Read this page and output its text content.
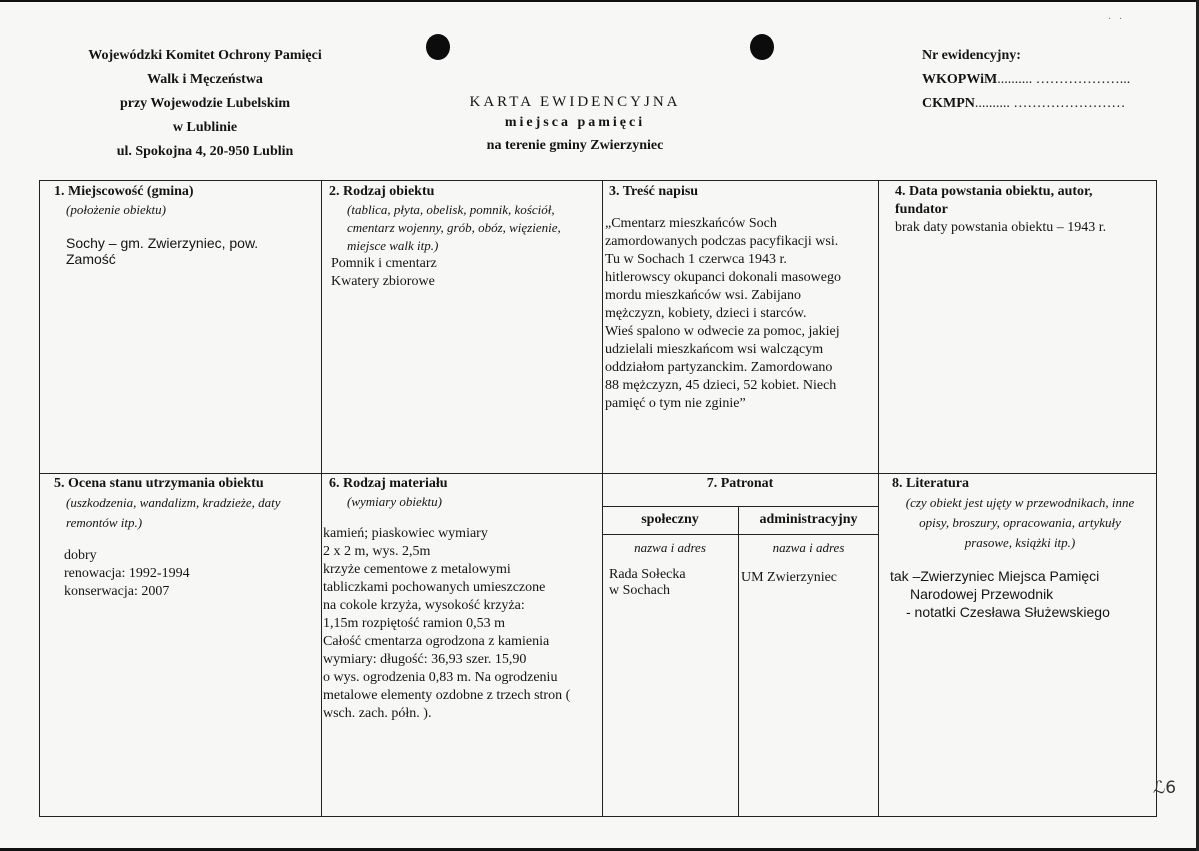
·   ·
Wojewódzki Komitet Ochrony Pamięci
Walk i Męczeństwa
przy Wojewodzie Lubelskim
w Lublinie
ul. Spokojna 4, 20-950 Lublin
KARTA EWIDENCYJNA
miejsca pamięci
na terenie gminy Zwierzyniec
Nr ewidencyjny:
WKOPWiM.......... ………………...
CKMPN.......... ……………………
1. Miejscowość (gmina)
(położenie obiektu)
Sochy – gm. Zwierzyniec, pow.
Zamość
2. Rodzaj obiektu
(tablica, płyta, obelisk, pomnik, kościół,
cmentarz wojenny, grób, obóz, więzienie,
miejsce walk itp.)
Pomnik i cmentarz
Kwatery zbiorowe
3. Treść napisu
„Cmentarz mieszkańców Soch
zamordowanych podczas pacyfikacji wsi.
Tu w Sochach 1 czerwca 1943 r.
hitlerowscy okupanci dokonali masowego
mordu mieszkańców wsi. Zabijano
mężczyzn, kobiety, dzieci i starców.
Wieś spalono w odwecie za pomoc, jakiej
udzielali mieszkańcom wsi walczącym
oddziałom partyzanckim. Zamordowano
88 mężczyzn, 45 dzieci, 52 kobiet. Niech
pamięć o tym nie zginie”
4. Data powstania obiektu, autor,
fundator
brak daty powstania obiektu – 1943 r.
5. Ocena stanu utrzymania obiektu
(uszkodzenia, wandalizm, kradzieże, daty
remontów itp.)
dobry
renowacja: 1992-1994
konserwacja: 2007
6. Rodzaj materiału
(wymiary obiektu)
kamień; piaskowiec wymiary
2 x 2 m, wys. 2,5m
krzyże cementowe z metalowymi
tabliczkami pochowanych umieszczone
na cokole krzyża, wysokość krzyża:
1,15m rozpiętość ramion 0,53 m
Całość cmentarza ogrodzona z kamienia
wymiary: długość: 36,93 szer. 15,90
o wys. ogrodzenia 0,83 m. Na ogrodzeniu
metalowe elementy ozdobne z trzech stron (
wsch. zach. półn. ).
7. Patronat
społeczny	administracyjny
nazwa i adres	nazwa i adres
Rada Sołecka
w Sochach
UM Zwierzyniec
8. Literatura
(czy obiekt jest ujęty w przewodnikach, inne
opisy, broszury, opracowania, artykuły
prasowe, książki itp.)
tak –Zwierzyniec Miejsca Pamięci
Narodowej Przewodnik
- notatki Czesława Służewskiego
ℒ6
